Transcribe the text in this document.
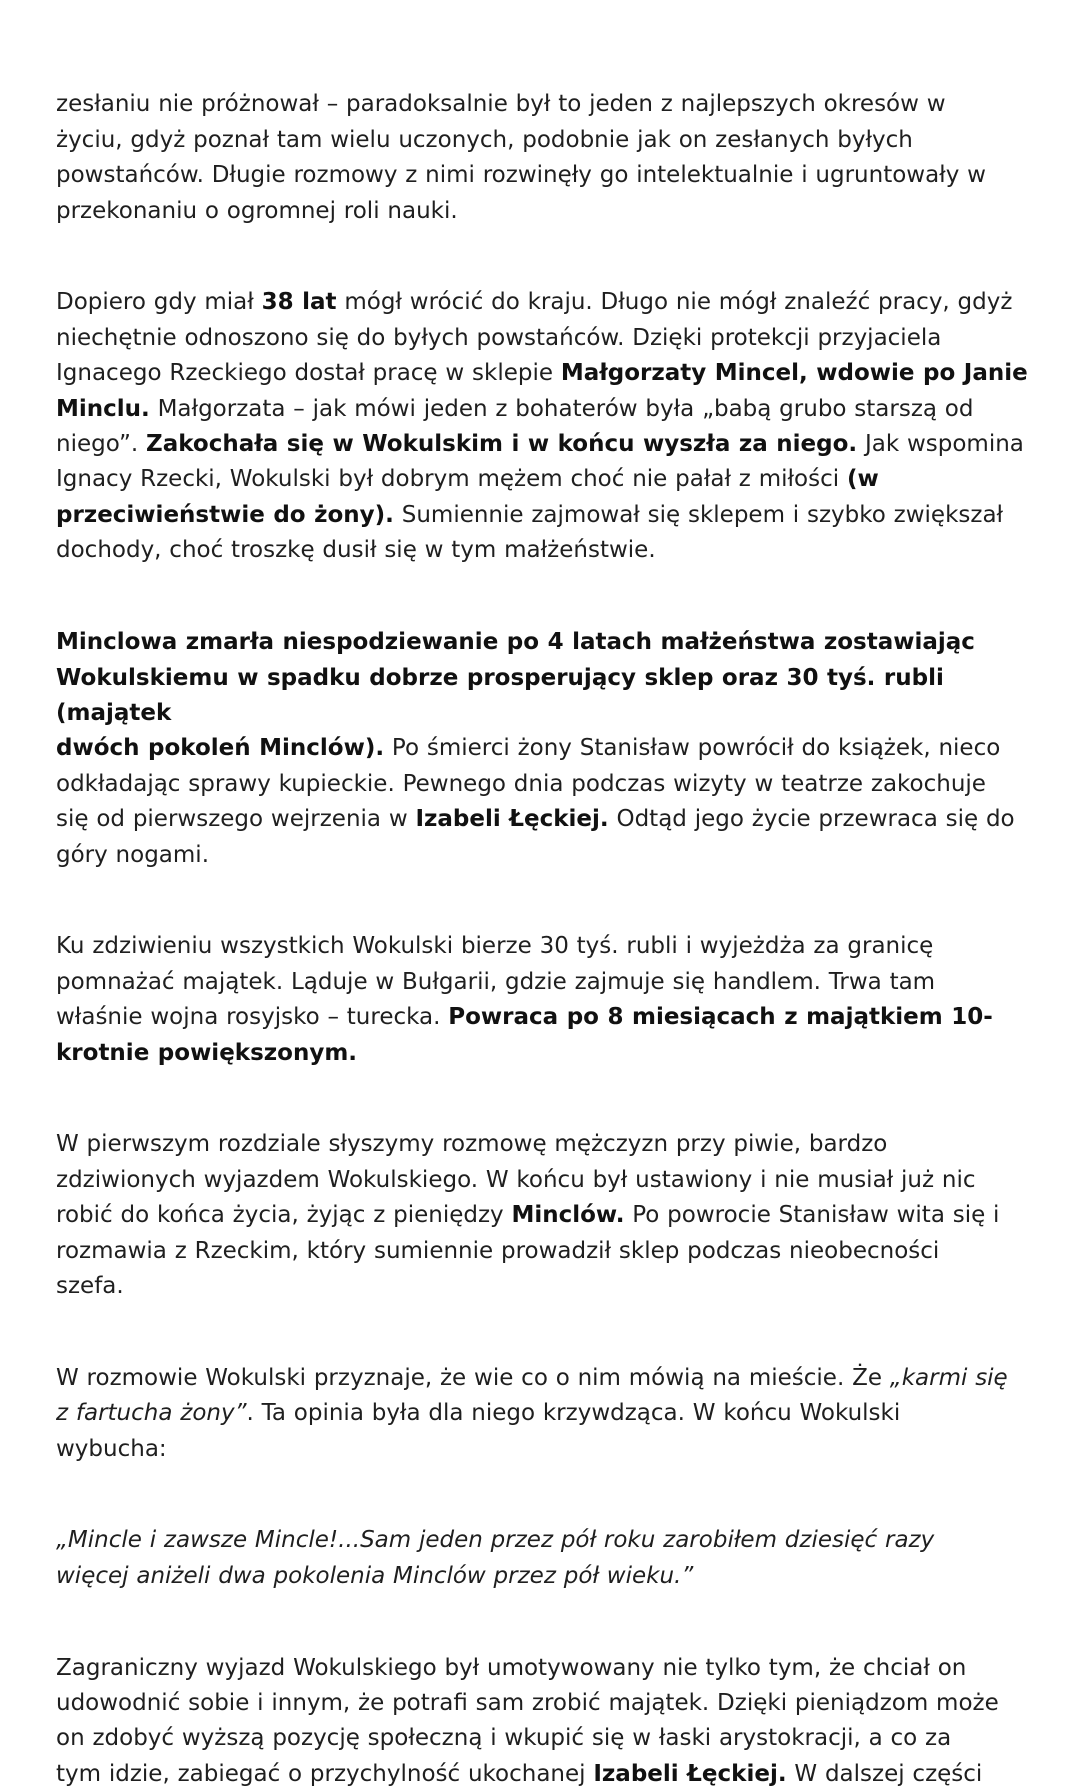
zesłaniu nie próżnował – paradoksalnie był to jeden z najlepszych okresów w
życiu, gdyż poznał tam wielu uczonych, podobnie jak on zesłanych byłych
powstańców. Długie rozmowy z nimi rozwinęły go intelektualnie i ugruntowały w
przekonaniu o ogromnej roli nauki.

Dopiero gdy miał 38 lat mógł wrócić do kraju. Długo nie mógł znaleźć pracy, gdyż
niechętnie odnoszono się do byłych powstańców. Dzięki protekcji przyjaciela
Ignacego Rzeckiego dostał pracę w sklepie Małgorzaty Mincel, wdowie po Janie
Minclu. Małgorzata – jak mówi jeden z bohaterów była „babą grubo starszą od
niego”. Zakochała się w Wokulskim i w końcu wyszła za niego. Jak wspomina
Ignacy Rzecki, Wokulski był dobrym mężem choć nie pałał z miłości (w
przeciwieństwie do żony). Sumiennie zajmował się sklepem i szybko zwiększał
dochody, choć troszkę dusił się w tym małżeństwie.

Minclowa zmarła niespodziewanie po 4 latach małżeństwa zostawiając
Wokulskiemu w spadku dobrze prosperujący sklep oraz 30 tyś. rubli (majątek
dwóch pokoleń Minclów). Po śmierci żony Stanisław powrócił do książek, nieco
odkładając sprawy kupieckie. Pewnego dnia podczas wizyty w teatrze zakochuje
się od pierwszego wejrzenia w Izabeli Łęckiej. Odtąd jego życie przewraca się do
góry nogami.

Ku zdziwieniu wszystkich Wokulski bierze 30 tyś. rubli i wyjeżdża za granicę
pomnażać majątek. Ląduje w Bułgarii, gdzie zajmuje się handlem. Trwa tam
właśnie wojna rosyjsko – turecka. Powraca po 8 miesiącach z majątkiem 10-
krotnie powiększonym.

W pierwszym rozdziale słyszymy rozmowę mężczyzn przy piwie, bardzo
zdziwionych wyjazdem Wokulskiego. W końcu był ustawiony i nie musiał już nic
robić do końca życia, żyjąc z pieniędzy Minclów. Po powrocie Stanisław wita się i
rozmawia z Rzeckim, który sumiennie prowadził sklep podczas nieobecności
szefa.

W rozmowie Wokulski przyznaje, że wie co o nim mówią na mieście. Że „karmi się
z fartucha żony”. Ta opinia była dla niego krzywdząca. W końcu Wokulski
wybucha:

„Mincle i zawsze Mincle!...Sam jeden przez pół roku zarobiłem dziesięć razy
więcej aniżeli dwa pokolenia Minclów przez pół wieku.”

Zagraniczny wyjazd Wokulskiego był umotywowany nie tylko tym, że chciał on
udowodnić sobie i innym, że potrafi sam zrobić majątek. Dzięki pieniądzom może
on zdobyć wyższą pozycję społeczną i wkupić się w łaski arystokracji, a co za
tym idzie, zabiegać o przychylność ukochanej Izabeli Łęckiej. W dalszej części
